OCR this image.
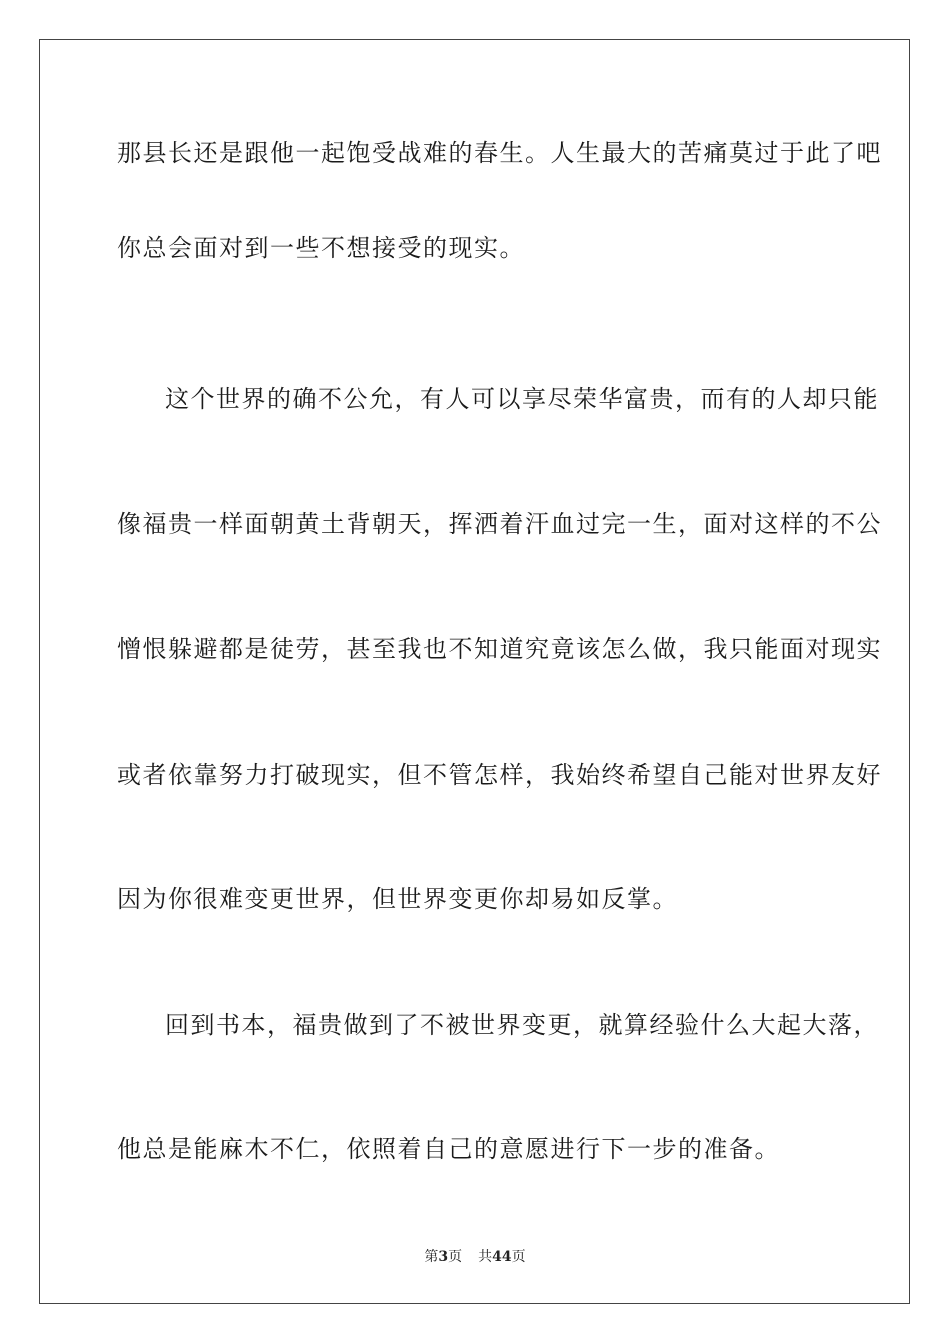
那县长还是跟他一起饱受战难的春生。人生最大的苦痛莫过于此了吧
你总会面对到一些不想接受的现实。
这个世界的确不公允，有人可以享尽荣华富贵，而有的人却只能
像福贵一样面朝黄土背朝天，挥洒着汗血过完一生，面对这样的不公
憎恨躲避都是徒劳，甚至我也不知道究竟该怎么做，我只能面对现实
或者依靠努力打破现实，但不管怎样，我始终希望自己能对世界友好
因为你很难变更世界，但世界变更你却易如反掌。
回到书本，福贵做到了不被世界变更，就算经验什么大起大落，
他总是能麻木不仁，依照着自己的意愿进行下一步的准备。
第3页 共44页
